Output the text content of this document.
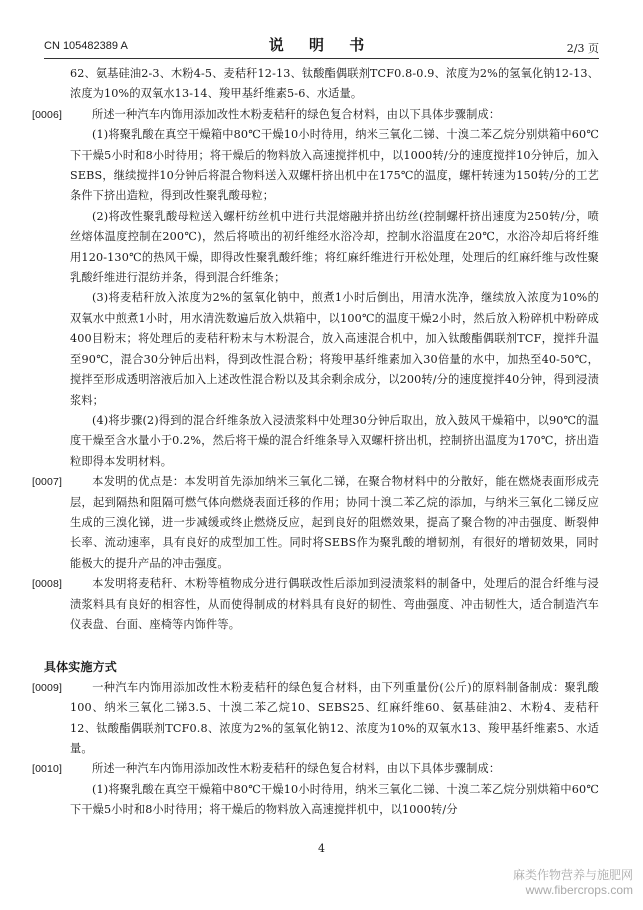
CN 105482389 A	说 明 书	2/3 页

62、氨基硅油2-3、木粉4-5、麦秸秆12-13、钛酸酯偶联剂TCF0.8-0.9、浓度为2%的氢氧化钠12-13、浓度为10%的双氧水13-14、羧甲基纤维素5-6、水适量。

[0006]	所述一种汽车内饰用添加改性木粉麦秸秆的绿色复合材料，由以下具体步骤制成：

(1)将聚乳酸在真空干燥箱中80℃干燥10小时待用，纳米三氧化二锑、十溴二苯乙烷分别烘箱中60℃下干燥5小时和8小时待用；将干燥后的物料放入高速搅拌机中，以1000转/分的速度搅拌10分钟后，加入SEBS，继续搅拌10分钟后将混合物料送入双螺杆挤出机中在175℃的温度，螺杆转速为150转/分的工艺条件下挤出造粒，得到改性聚乳酸母粒；

(2)将改性聚乳酸母粒送入螺杆纺丝机中进行共混熔融并挤出纺丝(控制螺杆挤出速度为250转/分，喷丝熔体温度控制在200℃)，然后将喷出的初纤维经水浴冷却，控制水浴温度在20℃，水浴冷却后将纤维用120-130℃的热风干燥，即得改性聚乳酸纤维；将红麻纤维进行开松处理，处理后的红麻纤维与改性聚乳酸纤维进行混纺并条，得到混合纤维条；

(3)将麦秸秆放入浓度为2%的氢氧化钠中，煎煮1小时后倒出，用清水洗净，继续放入浓度为10%的双氧水中煎煮1小时，用水清洗数遍后放入烘箱中，以100℃的温度干燥2小时，然后放入粉碎机中粉碎成400目粉末；将处理后的麦秸秆粉末与木粉混合，放入高速混合机中，加入钛酸酯偶联剂TCF，搅拌升温至90℃，混合30分钟后出料，得到改性混合粉；将羧甲基纤维素加入30倍量的水中，加热至40-50℃，搅拌至形成透明溶液后加入上述改性混合粉以及其余剩余成分，以200转/分的速度搅拌40分钟，得到浸渍浆料；

(4)将步骤(2)得到的混合纤维条放入浸渍浆料中处理30分钟后取出，放入鼓风干燥箱中，以90℃的温度干燥至含水量小于0.2%，然后将干燥的混合纤维条导入双螺杆挤出机，控制挤出温度为170℃，挤出造粒即得本发明材料。

[0007]	本发明的优点是：本发明首先添加纳米三氧化二锑，在聚合物材料中的分散好，能在燃烧表面形成壳层，起到隔热和阻隔可燃气体向燃烧表面迁移的作用；协同十溴二苯乙烷的添加，与纳米三氧化二锑反应生成的三溴化锑，进一步减缓或终止燃烧反应，起到良好的阻燃效果，提高了聚合物的冲击强度、断裂伸长率、流动速率，具有良好的成型加工性。同时将SEBS作为聚乳酸的增韧剂，有很好的增韧效果，同时能极大的提升产品的冲击强度。

[0008]	本发明将麦秸秆、木粉等植物成分进行偶联改性后添加到浸渍浆料的制备中，处理后的混合纤维与浸渍浆料具有良好的相容性，从而使得制成的材料具有良好的韧性、弯曲强度、冲击韧性大，适合制造汽车仪表盘、台面、座椅等内饰件等。

具体实施方式

[0009]	一种汽车内饰用添加改性木粉麦秸秆的绿色复合材料，由下列重量份(公斤)的原料制备制成：聚乳酸100、纳米三氧化二锑3.5、十溴二苯乙烷10、SEBS25、红麻纤维60、氨基硅油2、木粉4、麦秸秆12、钛酸酯偶联剂TCF0.8、浓度为2%的氢氧化钠12、浓度为10%的双氧水13、羧甲基纤维素5、水适量。

[0010]	所述一种汽车内饰用添加改性木粉麦秸秆的绿色复合材料，由以下具体步骤制成：

(1)将聚乳酸在真空干燥箱中80℃干燥10小时待用，纳米三氧化二锑、十溴二苯乙烷分别烘箱中60℃下干燥5小时和8小时待用；将干燥后的物料放入高速搅拌机中，以1000转/分

4
麻类作物营养与施肥网
www.fibercrops.com
